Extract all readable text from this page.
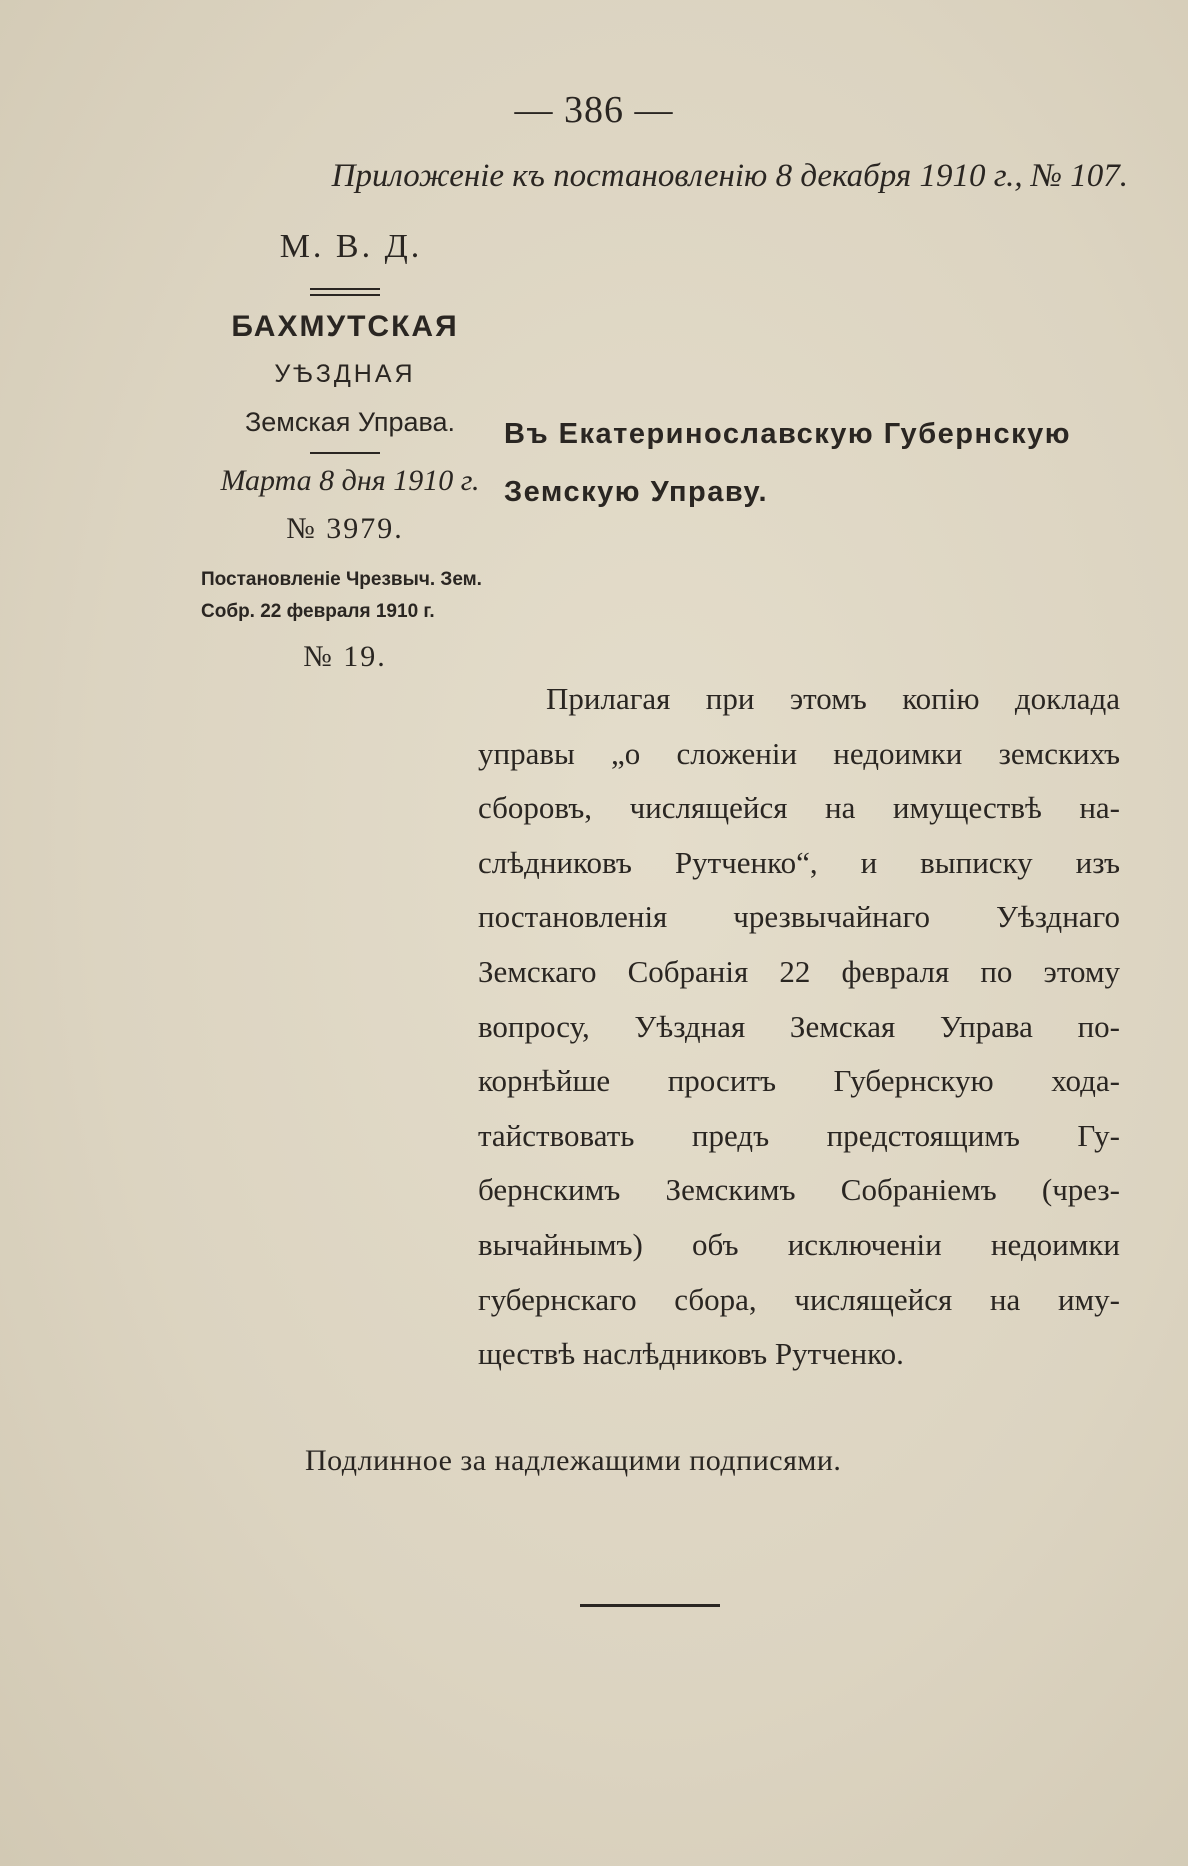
— 386 —
Приложеніе къ постановленію 8 декабря 1910 г., № 107.
М. В. Д.
БАХМУТСКАЯ
УѢЗДНАЯ
Земская Управа.
Марта 8 дня 1910 г.
№ 3979.
Постановленіе Чрезвыч. Зем.
Собр. 22 февраля 1910 г.
№ 19.
Въ Екатеринославскую Губернскую
Земскую Управу.
Прилагая при этомъ копію доклада
управы „о сложеніи недоимки земскихъ
сборовъ, числящейся на имуществѣ на-
слѣдниковъ Рутченко“, и выписку изъ
постановленія чрезвычайнаго Уѣзднаго
Земскаго Собранія 22 февраля по этому
вопросу, Уѣздная Земская Управа по-
корнѣйше проситъ Губернскую хода-
тайствовать предъ предстоящимъ Гу-
бернскимъ Земскимъ Собраніемъ (чрез-
вычайнымъ) объ исключеніи недоимки
губернскаго сбора, числящейся на иму-
ществѣ наслѣдниковъ Рутченко.
Подлинное за надлежащими подписями.
